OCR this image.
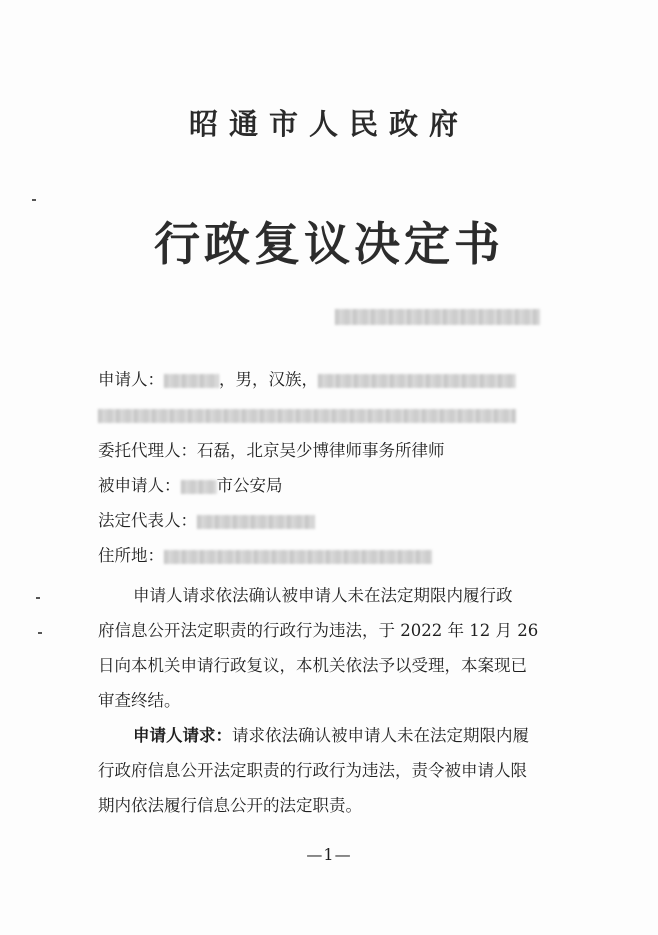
昭通市人民政府
行政复议决定书
申请人：	，男，汉族，
委托代理人：石磊，北京吴少博律师事务所律师
被申请人： 市公安局
法定代表人：
住所地：
申请人请求依法确认被申请人未在法定期限内履行政
府信息公开法定职责的行政行为违法，于 2022 年 12 月 26
日向本机关申请行政复议，本机关依法予以受理，本案现已
审查终结。
申请人请求：请求依法确认被申请人未在法定期限内履
行政府信息公开法定职责的行政行为违法，责令被申请人限
期内依法履行信息公开的法定职责。
—1—
